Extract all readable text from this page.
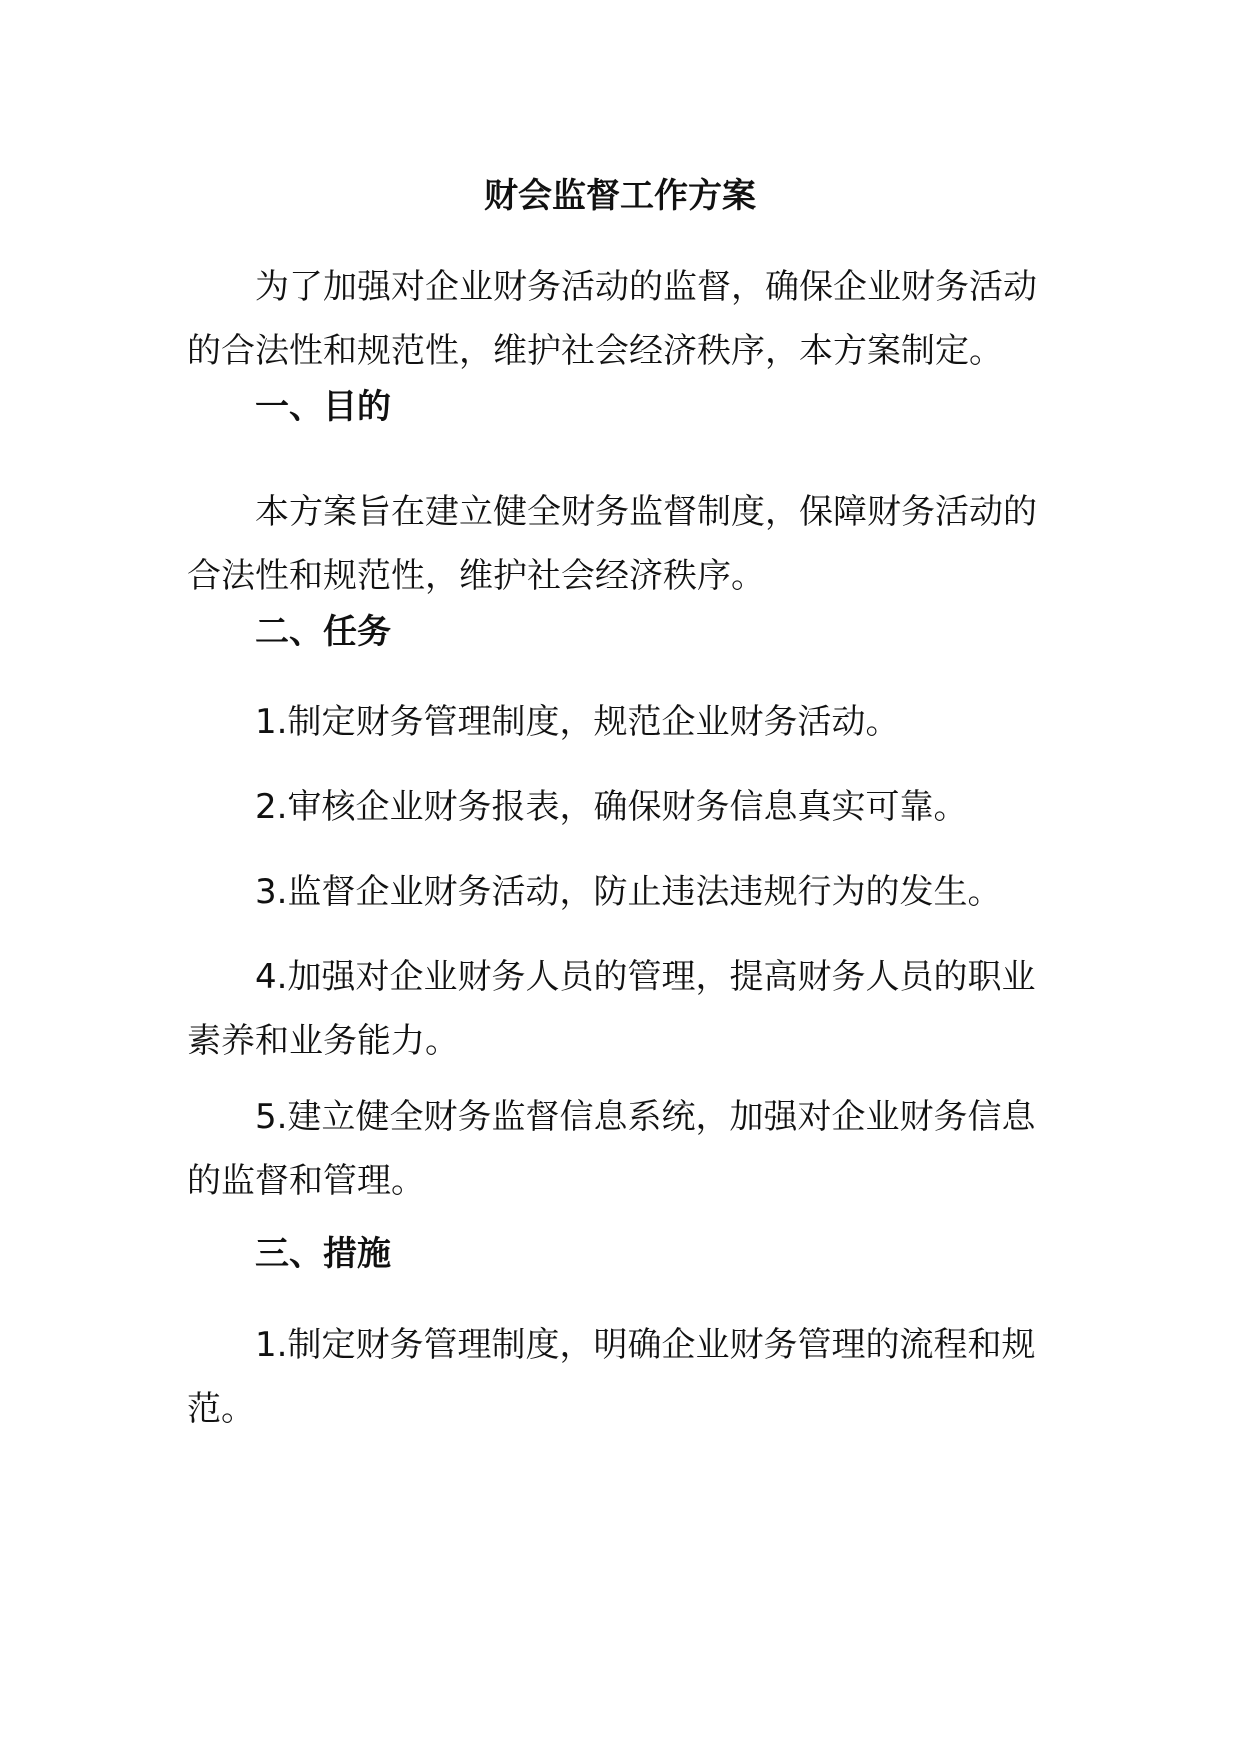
财会监督工作方案

为了加强对企业财务活动的监督，确保企业财务活动的合法性和规范性，维护社会经济秩序，本方案制定。

一、目的

本方案旨在建立健全财务监督制度，保障财务活动的合法性和规范性，维护社会经济秩序。

二、任务

1.制定财务管理制度，规范企业财务活动。

2.审核企业财务报表，确保财务信息真实可靠。

3.监督企业财务活动，防止违法违规行为的发生。

4.加强对企业财务人员的管理，提高财务人员的职业素养和业务能力。

5.建立健全财务监督信息系统，加强对企业财务信息的监督和管理。

三、措施

1.制定财务管理制度，明确企业财务管理的流程和规范。
